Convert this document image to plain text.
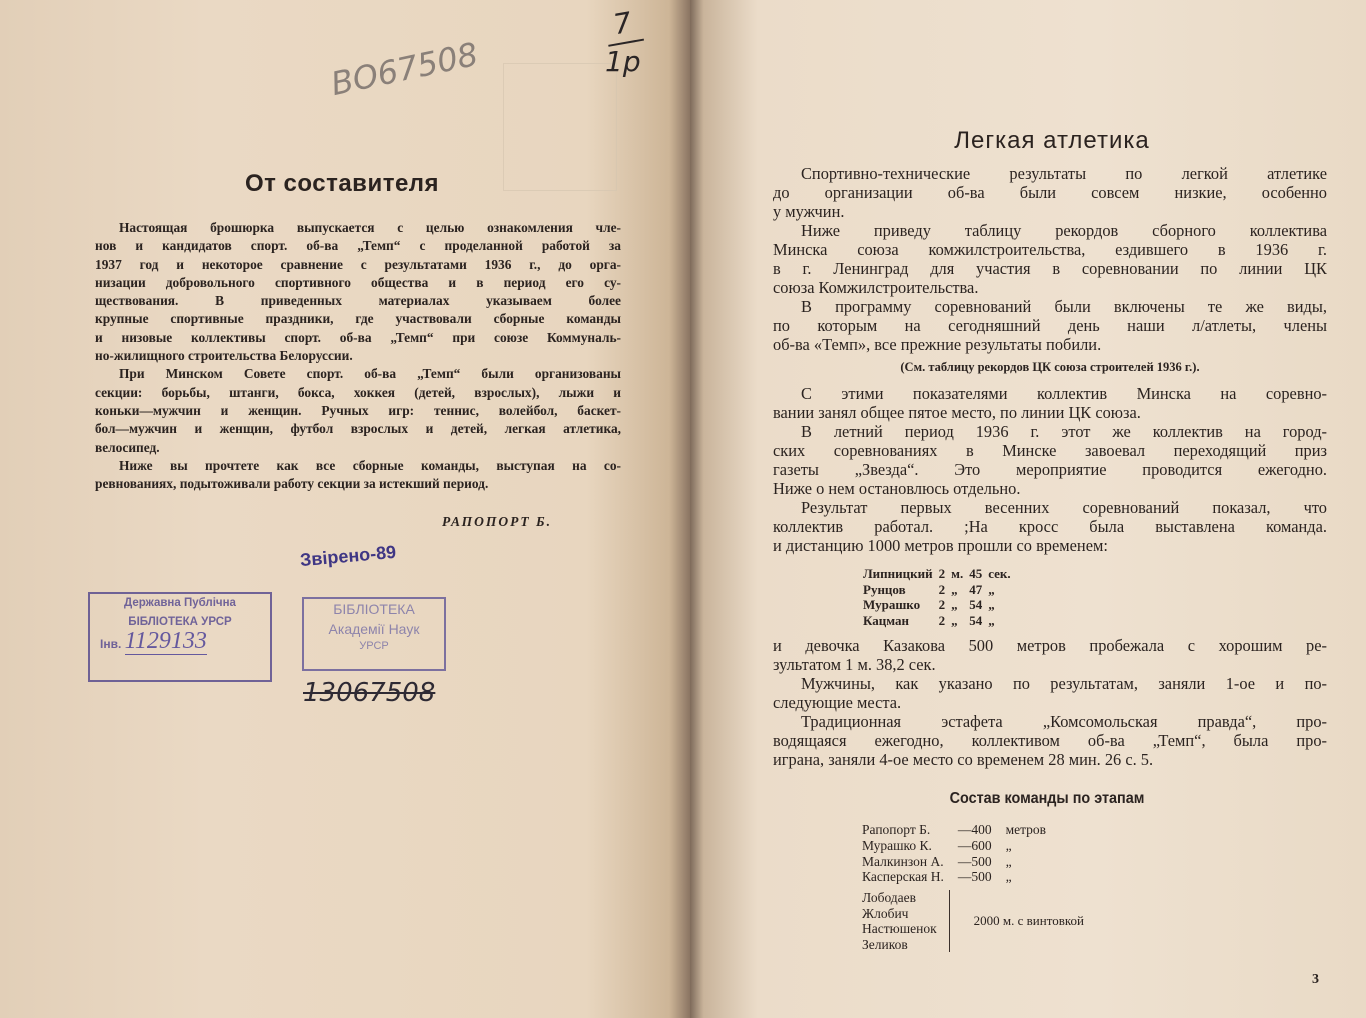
ВО67508
7
1р
От составителя
Настоящая брошюрка выпускается с целью ознакомления чле-
нов и кандидатов спорт. об-ва „Темп“ с проделанной работой за
1937 год и некоторое сравнение с результатами 1936 г., до орга-
низации добровольного спортивного общества и в период его су-
ществования. В приведенных материалах указываем более
крупные спортивные праздники, где участвовали сборные команды
и низовые коллективы спорт. об-ва „Темп“ при союзе Коммуналь-
но-жилищного строительства Белоруссии.
При Минском Совете спорт. об-ва „Темп“ были организованы
секции: борьбы, штанги, бокса, хоккея (детей, взрослых), лыжи и
коньки—мужчин и женщин. Ручных игр: теннис, волейбол, баскет-
бол—мужчин и женщин, футбол взрослых и детей, легкая атлетика,
велосипед.
Ниже вы прочтете как все сборные команды, выступая на со-
ревнованиях, подытоживали работу секции за истекший период.
РАПОПОРТ Б.
Звірено-89
Державна Публічна
БІБЛІОТЕКА УРСР
Інв. 1129133
БІБЛІОТЕКА
Академії Наук
УРСР
13067508
Легкая атлетика
Спортивно-технические результаты по легкой атлетике
до организации об-ва были совсем низкие, особенно
у мужчин.
Ниже приведу таблицу рекордов сборного коллектива
Минска союза комжилстроительства, ездившего в 1936 г.
в г. Ленинград для участия в соревновании по линии ЦК
союза Комжилстроительства.
В программу соревнований были включены те же виды,
по которым на сегодняшний день наши л/атлеты, члены
об-ва «Темп», все прежние результаты побили.
(См. таблицу рекордов ЦК союза строителей 1936 г.).
С этими показателями коллектив Минска на соревно-
вании занял общее пятое место, по линии ЦК союза.
В летний период 1936 г. этот же коллектив на город-
ских соревнованиях в Минске завоевал переходящий приз
газеты „Звезда“. Это мероприятие проводится ежегодно.
Ниже о нем остановлюсь отдельно.
Результат первых весенних соревнований показал, что
коллектив работал. ;На кросс была выставлена команда.
и дистанцию 1000 метров прошли со временем:
Липницкий	2	м.	45	сек.
Рунцов	2	„	47	„
Мурашко	2	„	54	„
Кацман	2	„	54	„
и девочка Казакова 500 метров пробежала с хорошим ре-
зультатом 1 м. 38,2 сек.
Мужчины, как указано по результатам, заняли 1-ое и по-
следующие места.
Традиционная эстафета „Комсомольская правда“, про-
водящаяся ежегодно, коллективом об-ва „Темп“, была про-
играна, заняли 4-ое место со временем 28 мин. 26 с. 5.
Состав команды по этапам
Рапопорт Б.	—400	метров
Мурашко К.	—600	„
Малкинзон А.	—500	„
Касперская Н.	—500	„
Лободаев
Жлобич
Настюшенок
Зеликов
2000 м. с винтовкой
3
